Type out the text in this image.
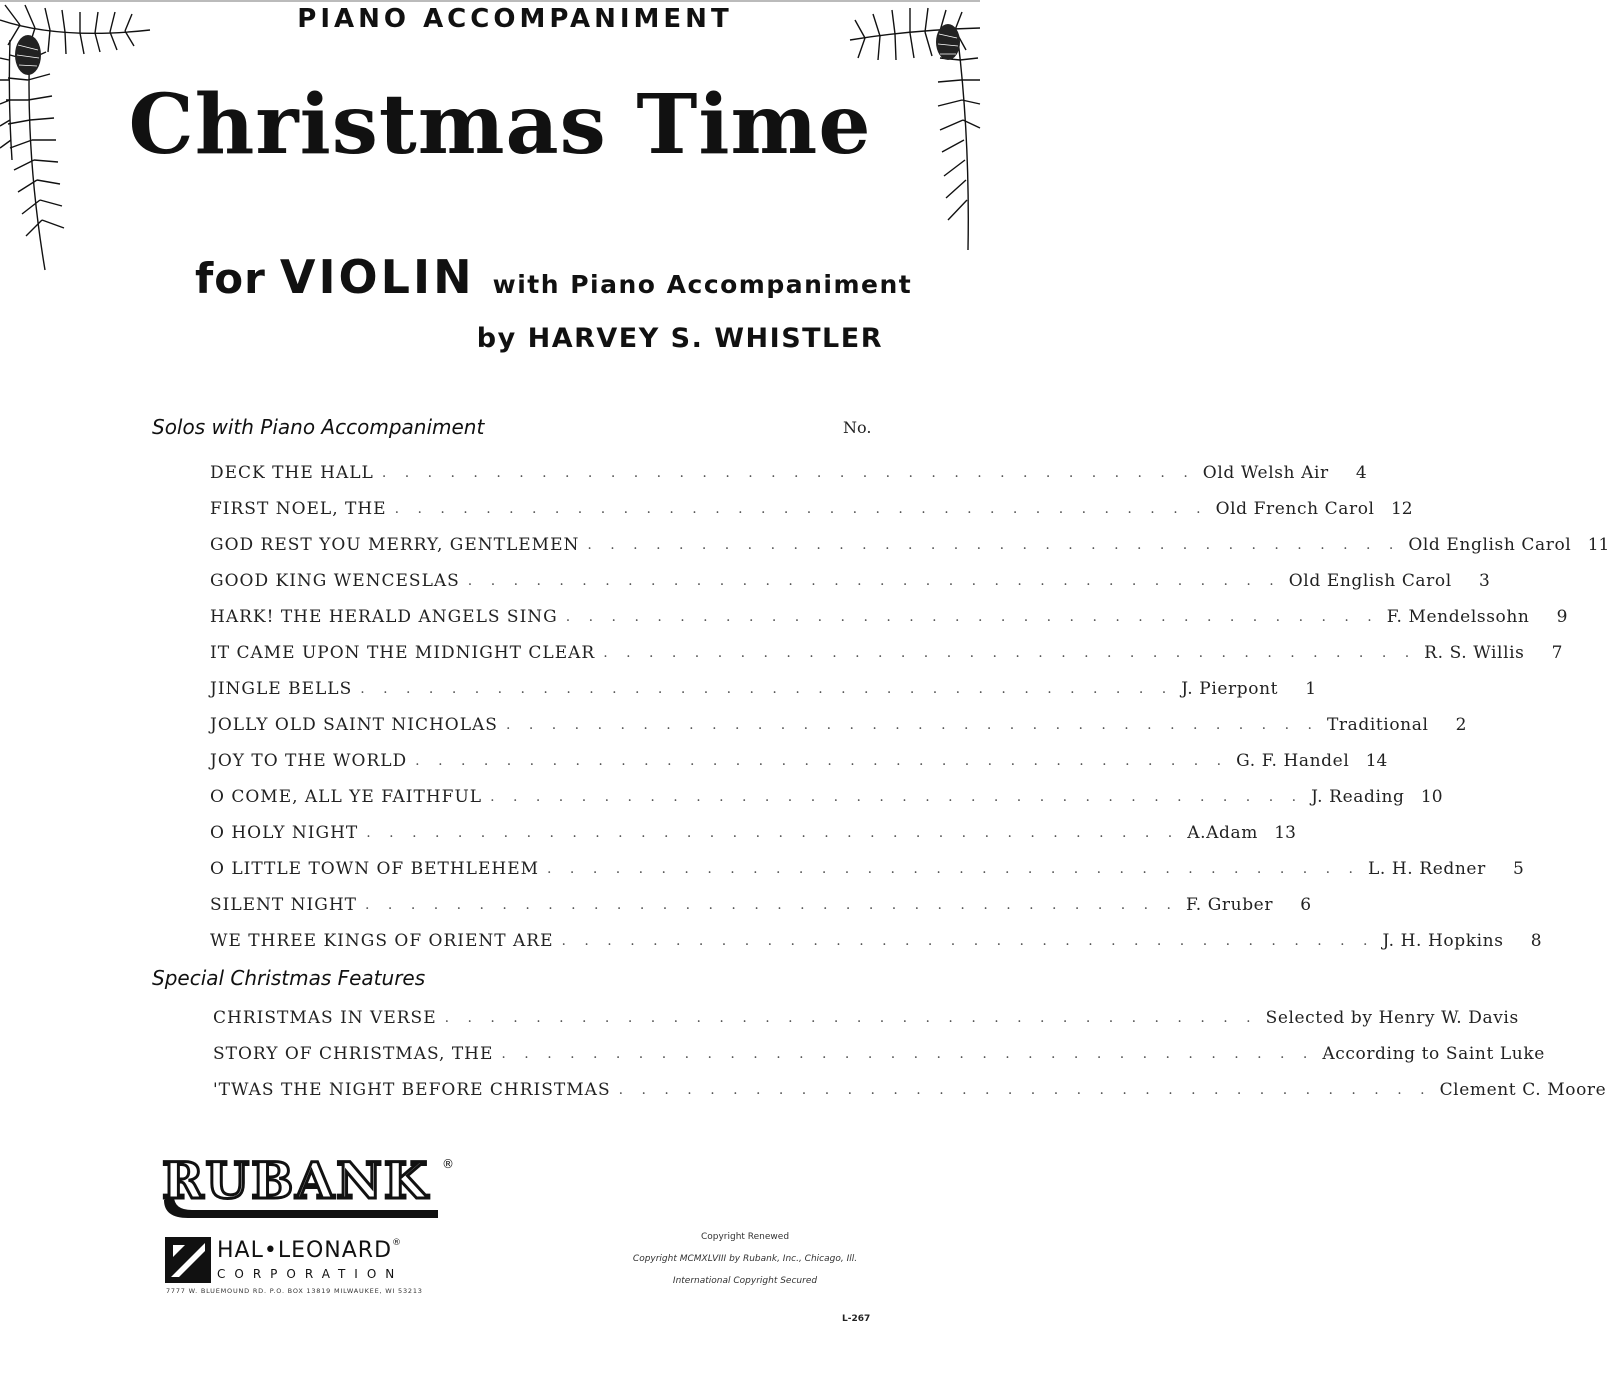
PIANO ACCOMPANIMENT
Christmas Time
for VIOLIN with Piano Accompaniment
by HARVEY S. WHISTLER
Solos with Piano Accompaniment	No.
DECK THE HALL . . . . . . . . . . . . . . . . . . . . . . . . . . . . . . . . . . . . Old Welsh Air	4
FIRST NOEL, THE . . . . . . . . . . . . . . . . . . . . . . . . . . . . . . . . . . . . Old French Carol 12
GOD REST YOU MERRY, GENTLEMEN . . . . . . . . . . . . . . . . . . . . . . . . . . . . . . . . . . . . Old English Carol 11
GOOD KING WENCESLAS . . . . . . . . . . . . . . . . . . . . . . . . . . . . . . . . . . . . Old English Carol	3
HARK! THE HERALD ANGELS SING . . . . . . . . . . . . . . . . . . . . . . . . . . . . . . . . . . . . F. Mendelssohn	9
IT CAME UPON THE MIDNIGHT CLEAR . . . . . . . . . . . . . . . . . . . . . . . . . . . . . . . . . . . . R. S. Willis	7
JINGLE BELLS . . . . . . . . . . . . . . . . . . . . . . . . . . . . . . . . . . . . J. Pierpont	1
JOLLY OLD SAINT NICHOLAS . . . . . . . . . . . . . . . . . . . . . . . . . . . . . . . . . . . . Traditional	2
JOY TO THE WORLD . . . . . . . . . . . . . . . . . . . . . . . . . . . . . . . . . . . . G. F. Handel 14
O COME, ALL YE FAITHFUL . . . . . . . . . . . . . . . . . . . . . . . . . . . . . . . . . . . . J. Reading 10
O HOLY NIGHT . . . . . . . . . . . . . . . . . . . . . . . . . . . . . . . . . . . . A.Adam 13
O LITTLE TOWN OF BETHLEHEM . . . . . . . . . . . . . . . . . . . . . . . . . . . . . . . . . . . . L. H. Redner	5
SILENT NIGHT . . . . . . . . . . . . . . . . . . . . . . . . . . . . . . . . . . . . F. Gruber	6
WE THREE KINGS OF ORIENT ARE . . . . . . . . . . . . . . . . . . . . . . . . . . . . . . . . . . . . J. H. Hopkins	8
Special Christmas Features
CHRISTMAS IN VERSE . . . . . . . . . . . . . . . . . . . . . . . . . . . . . . . . . . . . Selected by Henry W. Davis
STORY OF CHRISTMAS, THE . . . . . . . . . . . . . . . . . . . . . . . . . . . . . . . . . . . . According to Saint Luke
'TWAS THE NIGHT BEFORE CHRISTMAS . . . . . . . . . . . . . . . . . . . . . . . . . . . . . . . . . . . . Clement C. Moore
RUBANK ®
HAL•LEONARD®
CORPORATION
7777 W. BLUEMOUND RD. P.O. BOX 13819 MILWAUKEE, WI 53213
Copyright Renewed
Copyright MCMXLVIII by Rubank, Inc., Chicago, Ill.
International Copyright Secured
L-267
